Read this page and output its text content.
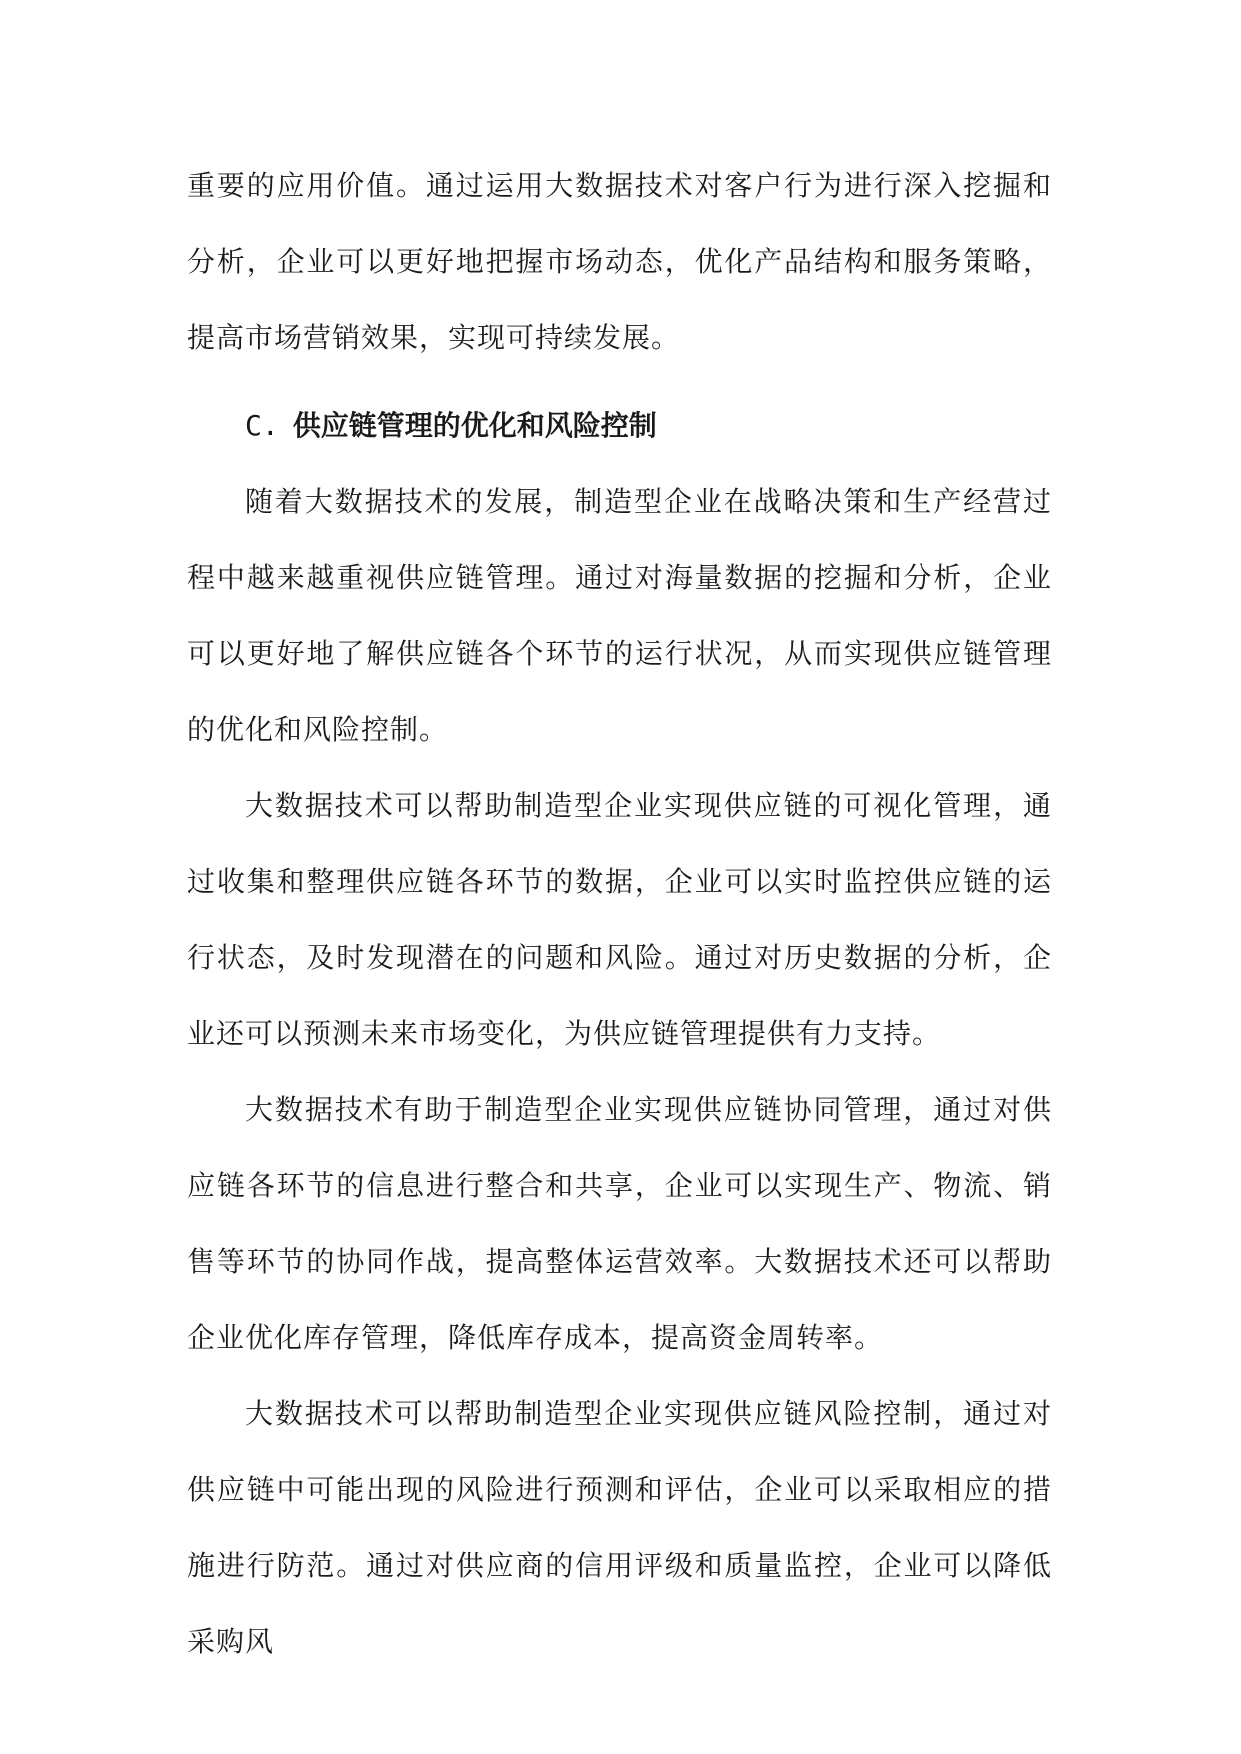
重要的应用价值。通过运用大数据技术对客户行为进行深入挖掘和分析，企业可以更好地把握市场动态，优化产品结构和服务策略，提高市场营销效果，实现可持续发展。

C. 供应链管理的优化和风险控制

随着大数据技术的发展，制造型企业在战略决策和生产经营过程中越来越重视供应链管理。通过对海量数据的挖掘和分析，企业可以更好地了解供应链各个环节的运行状况，从而实现供应链管理的优化和风险控制。

大数据技术可以帮助制造型企业实现供应链的可视化管理，通过收集和整理供应链各环节的数据，企业可以实时监控供应链的运行状态，及时发现潜在的问题和风险。通过对历史数据的分析，企业还可以预测未来市场变化，为供应链管理提供有力支持。

大数据技术有助于制造型企业实现供应链协同管理，通过对供应链各环节的信息进行整合和共享，企业可以实现生产、物流、销售等环节的协同作战，提高整体运营效率。大数据技术还可以帮助企业优化库存管理，降低库存成本，提高资金周转率。

大数据技术可以帮助制造型企业实现供应链风险控制，通过对供应链中可能出现的风险进行预测和评估，企业可以采取相应的措施进行防范。通过对供应商的信用评级和质量监控，企业可以降低采购风
